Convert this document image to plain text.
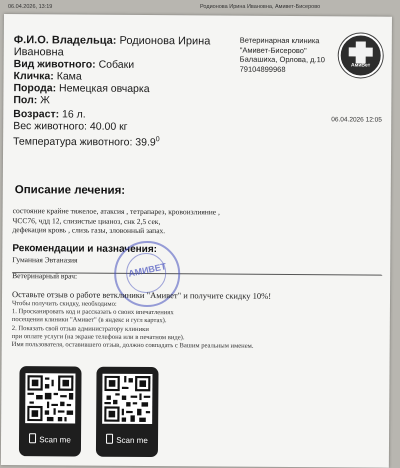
06.04.2026, 13:19	Родионова Ирина Ивановна, Амивет-Бисерово
Ф.И.О. Владельца: Родионова Ирина
Ивановна
Вид животного: Собаки
Кличка: Кама
Порода: Немецкая овчарка
Пол: Ж
Возраст: 16 л.
Вес животного: 40.00 кг
Температура животного: 39.9$^0$
Ветеринарная клиника
"Амивет-Бисерово"
Балашиха, Орлова, д.10
79104899968	АмиВет
06.04.2026 12:05
Описание лечения:
состояние крайне тяжелое, атаксия , тетрапарез, кровоизлияние ,
ЧСС76, чдд 12, слизистые цианоз, снк 2,5 сек,
дефекация кровь , слизь газы, зловонный запах.
Рекомендации и назначения:
Гуманная Эвтаназия
Ветеринарный врач:	АМИВЕТ
Оставьте отзыв о работе ветклиники "Амивет" и получите скидку 10%!
Чтобы получить скидку, необходимо:
1. Просканировать код и рассказать о своих впечатлениях
посещения клиники "Амивет" (в яндекс и гугл картах).
2. Показать свой отзыв администратору клиники
при оплате услуги (на экране телефона или в печатном виде).
Имя пользователя, оставившего отзыв, должно совпадать с Вашим реальным именем.
Scan me	Scan me
